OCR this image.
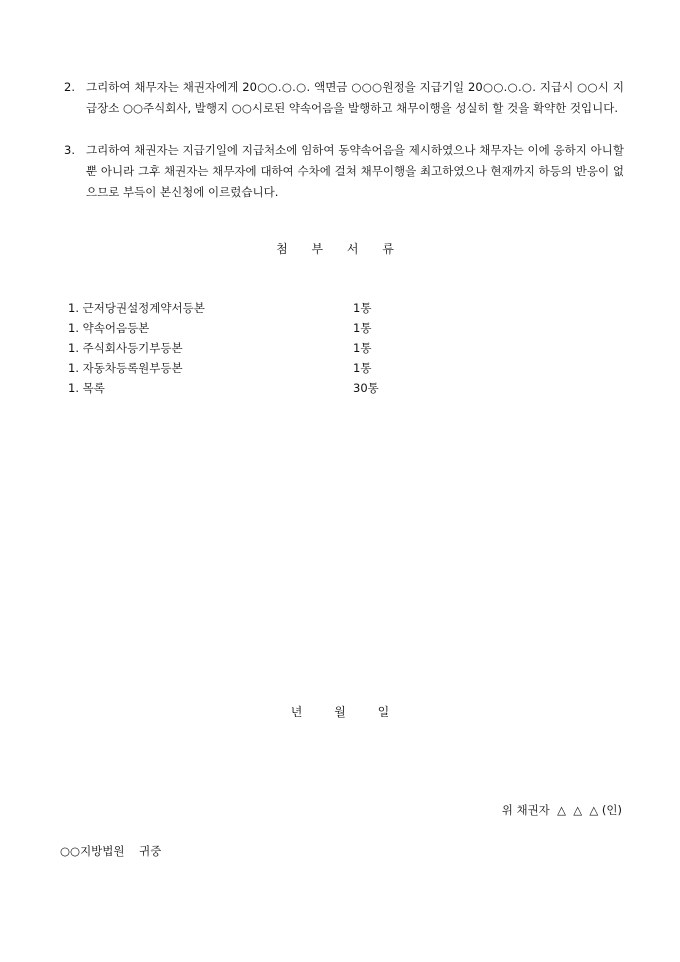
2. 그리하여 채무자는 채권자에게 20○○.○.○. 액면금 ○○○원정을 지급기일 20○○.○.○. 지급시 ○○시 지급장소 ○○주식회사, 발행지 ○○시로된 약속어음을 발행하고 채무이행을 성실히 할 것을 확약한 것입니다.
3. 그리하여 채권자는 지급기일에 지급처소에 임하여 동약속어음을 제시하였으나 채무자는 이에 응하지 아니할 뿐 아니라 그후 채권자는 채무자에 대하여 수차에 걸쳐 채무이행을 최고하였으나 현재까지 하등의 반응이 없으므로 부득이 본신청에 이르렀습니다.
첨 부 서 류
1. 근저당권설정계약서등본	1통
1. 약속어음등본	1통
1. 주식회사등기부등본	1통
1. 자동차등록원부등본	1통
1. 목록	30통
년 월 일
위 채권자  △  △  △ (인)
○○지방법원    귀중
